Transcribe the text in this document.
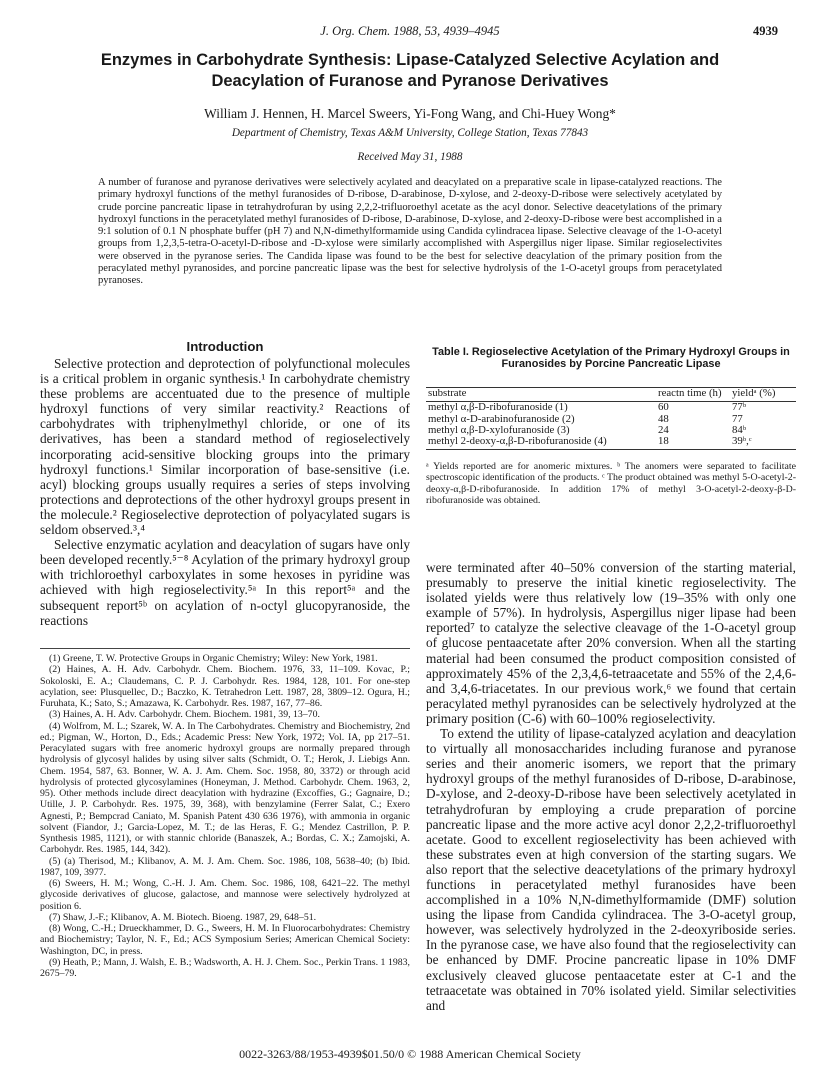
J. Org. Chem. 1988, 53, 4939–4945	4939
Enzymes in Carbohydrate Synthesis: Lipase-Catalyzed Selective Acylation and Deacylation of Furanose and Pyranose Derivatives
William J. Hennen, H. Marcel Sweers, Yi-Fong Wang, and Chi-Huey Wong*
Department of Chemistry, Texas A&M University, College Station, Texas 77843
Received May 31, 1988
A number of furanose and pyranose derivatives were selectively acylated and deacylated on a preparative scale in lipase-catalyzed reactions. The primary hydroxyl functions of the methyl furanosides of D-ribose, D-arabinose, D-xylose, and 2-deoxy-D-ribose were selectively acetylated by crude porcine pancreatic lipase in tetrahydrofuran by using 2,2,2-trifluoroethyl acetate as the acyl donor. Selective deacetylations of the primary hydroxyl functions in the peracetylated methyl furanosides of D-ribose, D-arabinose, D-xylose, and 2-deoxy-D-ribose were best accomplished in a 9:1 solution of 0.1 N phosphate buffer (pH 7) and N,N-dimethylformamide using Candida cylindracea lipase. Selective cleavage of the 1-O-acetyl groups from 1,2,3,5-tetra-O-acetyl-D-ribose and -D-xylose were similarly accomplished with Aspergillus niger lipase. Similar regioselectivites were observed in the pyranose series. The Candida lipase was found to be the best for selective deacylation of the primary position from the peracylated methyl pyranosides, and porcine pancreatic lipase was the best for selective hydrolysis of the 1-O-acetyl groups from peracetylated pyranoses.
Introduction

Selective protection and deprotection of polyfunctional molecules is a critical problem in organic synthesis.¹ In carbohydrate chemistry these problems are accentuated due to the presence of multiple hydroxyl functions of very similar reactivity.² Reactions of carbohydrates with triphenylmethyl chloride, or one of its derivatives, has been a standard method of regioselectively incorporating acid-sensitive blocking groups into the primary hydroxyl functions.¹ Similar incorporation of base-sensitive (i.e. acyl) blocking groups usually requires a series of steps involving protections and deprotections of the other hydroxyl groups present in the molecule.² Regioselective deprotection of polyacylated sugars is seldom observed.³,⁴

Selective enzymatic acylation and deacylation of sugars have only been developed recently.⁵⁻⁸ Acylation of the primary hydroxyl group with trichloroethyl carboxylates in some hexoses in pyridine was achieved with high regioselectivity.⁵ᵃ In this report⁵ᵃ and the subsequent report⁵ᵇ on acylation of n-octyl glucopyranoside, the reactions

(1) Greene, T. W. Protective Groups in Organic Chemistry; Wiley: New York, 1981.
(2) Haines, A. H. Adv. Carbohydr. Chem. Biochem. 1976, 33, 11–109. Kovac, P.; Sokoloski, E. A.; Claudemans, C. P. J. Carbohydr. Res. 1984, 128, 101. For one-step acylation, see: Plusquellec, D.; Baczko, K. Tetrahedron Lett. 1987, 28, 3809–12. Ogura, H.; Furuhata, K.; Sato, S.; Amazawa, K. Carbohydr. Res. 1987, 167, 77–86.
(3) Haines, A. H. Adv. Carbohydr. Chem. Biochem. 1981, 39, 13–70.
(4) Wolfrom, M. L.; Szarek, W. A. In The Carbohydrates. Chemistry and Biochemistry, 2nd ed.; Pigman, W., Horton, D., Eds.; Academic Press: New York, 1972; Vol. IA, pp 217–51. Peracylated sugars with free anomeric hydroxyl groups are normally prepared through hydrolysis of glycosyl halides by using silver salts (Schmidt, O. T.; Herok, J. Liebigs Ann. Chem. 1954, 587, 63. Bonner, W. A. J. Am. Chem. Soc. 1958, 80, 3372) or through acid hydrolysis of protected glycosylamines (Honeyman, J. Method. Carbohydr. Chem. 1963, 2, 95). Other methods include direct deacylation with hydrazine (Excoffies, G.; Gagnaire, D.; Utille, J. P. Carbohydr. Res. 1975, 39, 368), with benzylamine (Ferrer Salat, C.; Exero Agnesti, P.; Bempcrad Caniato, M. Spanish Patent 430 636 1976), with ammonia in organic solvent (Fiandor, J.; Garcia-Lopez, M. T.; de las Heras, F. G.; Mendez Castrillon, P. P. Synthesis 1985, 1121), or with stannic chloride (Banaszek, A.; Bordas, C. X.; Zamojski, A. Carbohydr. Res. 1985, 144, 342).
(5) (a) Therisod, M.; Klibanov, A. M. J. Am. Chem. Soc. 1986, 108, 5638–40; (b) Ibid. 1987, 109, 3977.
(6) Sweers, H. M.; Wong, C.-H. J. Am. Chem. Soc. 1986, 108, 6421–22. The methyl glycoside derivatives of glucose, galactose, and mannose were selectively hydrolyzed at position 6.
(7) Shaw, J.-F.; Klibanov, A. M. Biotech. Bioeng. 1987, 29, 648–51.
(8) Wong, C.-H.; Drueckhammer, D. G., Sweers, H. M. In Fluorocarbohydrates: Chemistry and Biochemistry; Taylor, N. F., Ed.; ACS Symposium Series; American Chemical Society: Washington, DC, in press.
(9) Heath, P.; Mann, J. Walsh, E. B.; Wadsworth, A. H. J. Chem. Soc., Perkin Trans. 1 1983, 2675–79.
Table I. Regioselective Acetylation of the Primary Hydroxyl Groups in Furanosides by Porcine Pancreatic Lipase
substrate	reactn time (h)	yieldᵃ (%)
methyl α,β-D-ribofuranoside (1)	60	77ᵇ
methyl α-D-arabinofuranoside (2)	48	77
methyl α,β-D-xylofuranoside (3)	24	84ᵇ
methyl 2-deoxy-α,β-D-ribofuranoside (4)	18	39ᵇ,ᶜ
ᵃ Yields reported are for anomeric mixtures. ᵇ The anomers were separated to facilitate spectroscopic identification of the products. ᶜ The product obtained was methyl 5-O-acetyl-2-deoxy-α,β-D-ribofuranoside. In addition 17% of methyl 3-O-acetyl-2-deoxy-β-D-ribofuranoside was obtained.

were terminated after 40–50% conversion of the starting material, presumably to preserve the initial kinetic regioselectivity. The isolated yields were thus relatively low (19–35% with only one example of 57%). In hydrolysis, Aspergillus niger lipase had been reported⁷ to catalyze the selective cleavage of the 1-O-acetyl group of glucose pentaacetate after 20% conversion. When all the starting material had been consumed the product composition consisted of approximately 45% of the 2,3,4,6-tetraacetate and 55% of the 2,4,6- and 3,4,6-triacetates. In our previous work,⁶ we found that certain peracylated methyl pyranosides can be selectively hydrolyzed at the primary position (C-6) with 60–100% regioselectivity.

To extend the utility of lipase-catalyzed acylation and deacylation to virtually all monosaccharides including furanose and pyranose series and their anomeric isomers, we report that the primary hydroxyl groups of the methyl furanosides of D-ribose, D-arabinose, D-xylose, and 2-deoxy-D-ribose have been selectively acetylated in tetrahydrofuran by employing a crude preparation of porcine pancreatic lipase and the more active acyl donor 2,2,2-trifluoroethyl acetate. Good to excellent regioselectivity has been achieved with these substrates even at high conversion of the starting sugars. We also report that the selective deacetylations of the primary hydroxyl functions in peracetylated methyl furanosides have been accomplished in a 10% N,N-dimethylformamide (DMF) solution using the lipase from Candida cylindracea. The 3-O-acetyl group, however, was selectively hydrolyzed in the 2-deoxyriboside series. In the pyranose case, we have also found that the regioselectivity can be enhanced by DMF. Procine pancreatic lipase in 10% DMF exclusively cleaved glucose pentaacetate ester at C-1 and the tetraacetate was obtained in 70% isolated yield. Similar selectivities and

0022-3263/88/1953-4939$01.50/0 © 1988 American Chemical Society
